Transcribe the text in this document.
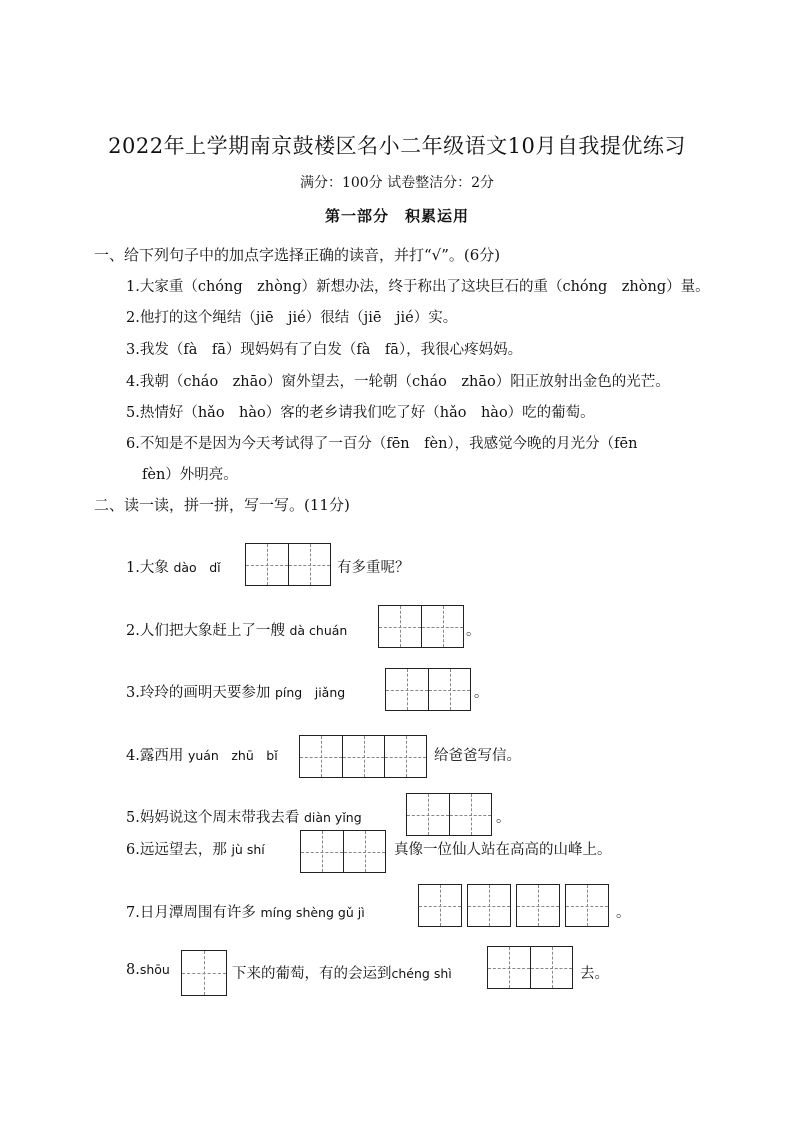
2022年上学期南京鼓楼区名小二年级语文10月自我提优练习
满分：100分 试卷整洁分：2分
第一部分　积累运用
一、给下列句子中的加点字选择正确的读音，并打“√”。(6分)
1.大家重（chóng　zhòng）新想办法，终于称出了这块巨石的重（chóng　zhòng）量。
2.他打的这个绳结（jiē　jié）很结（jiē　jié）实。
3.我发（fà　fā）现妈妈有了白发（fà　fā），我很心疼妈妈。
4.我朝（cháo　zhāo）窗外望去，一轮朝（cháo　zhāo）阳正放射出金色的光芒。
5.热情好（hǎo　hào）客的老乡请我们吃了好（hǎo　hào）吃的葡萄。
6.不知是不是因为今天考试得了一百分（fēn　fèn），我感觉今晚的月光分（fēn
fèn）外明亮。
二、读一读，拼一拼，写一写。(11分)
1.大象 dào　dǐ	有多重呢？
2.人们把大象赶上了一艘 dà chuán	。
3.玲玲的画明天要参加 píng　jiǎng	。
4.露西用 yuán　zhū　bǐ	给爸爸写信。
5.妈妈说这个周末带我去看 diàn yǐng	。
6.远远望去，那 jù shí	真像一位仙人站在高高的山峰上。
7.日月潭周围有许多 míng shèng gǔ jì	。
8.shōu	下来的葡萄，有的会运到chéng shì	去。
